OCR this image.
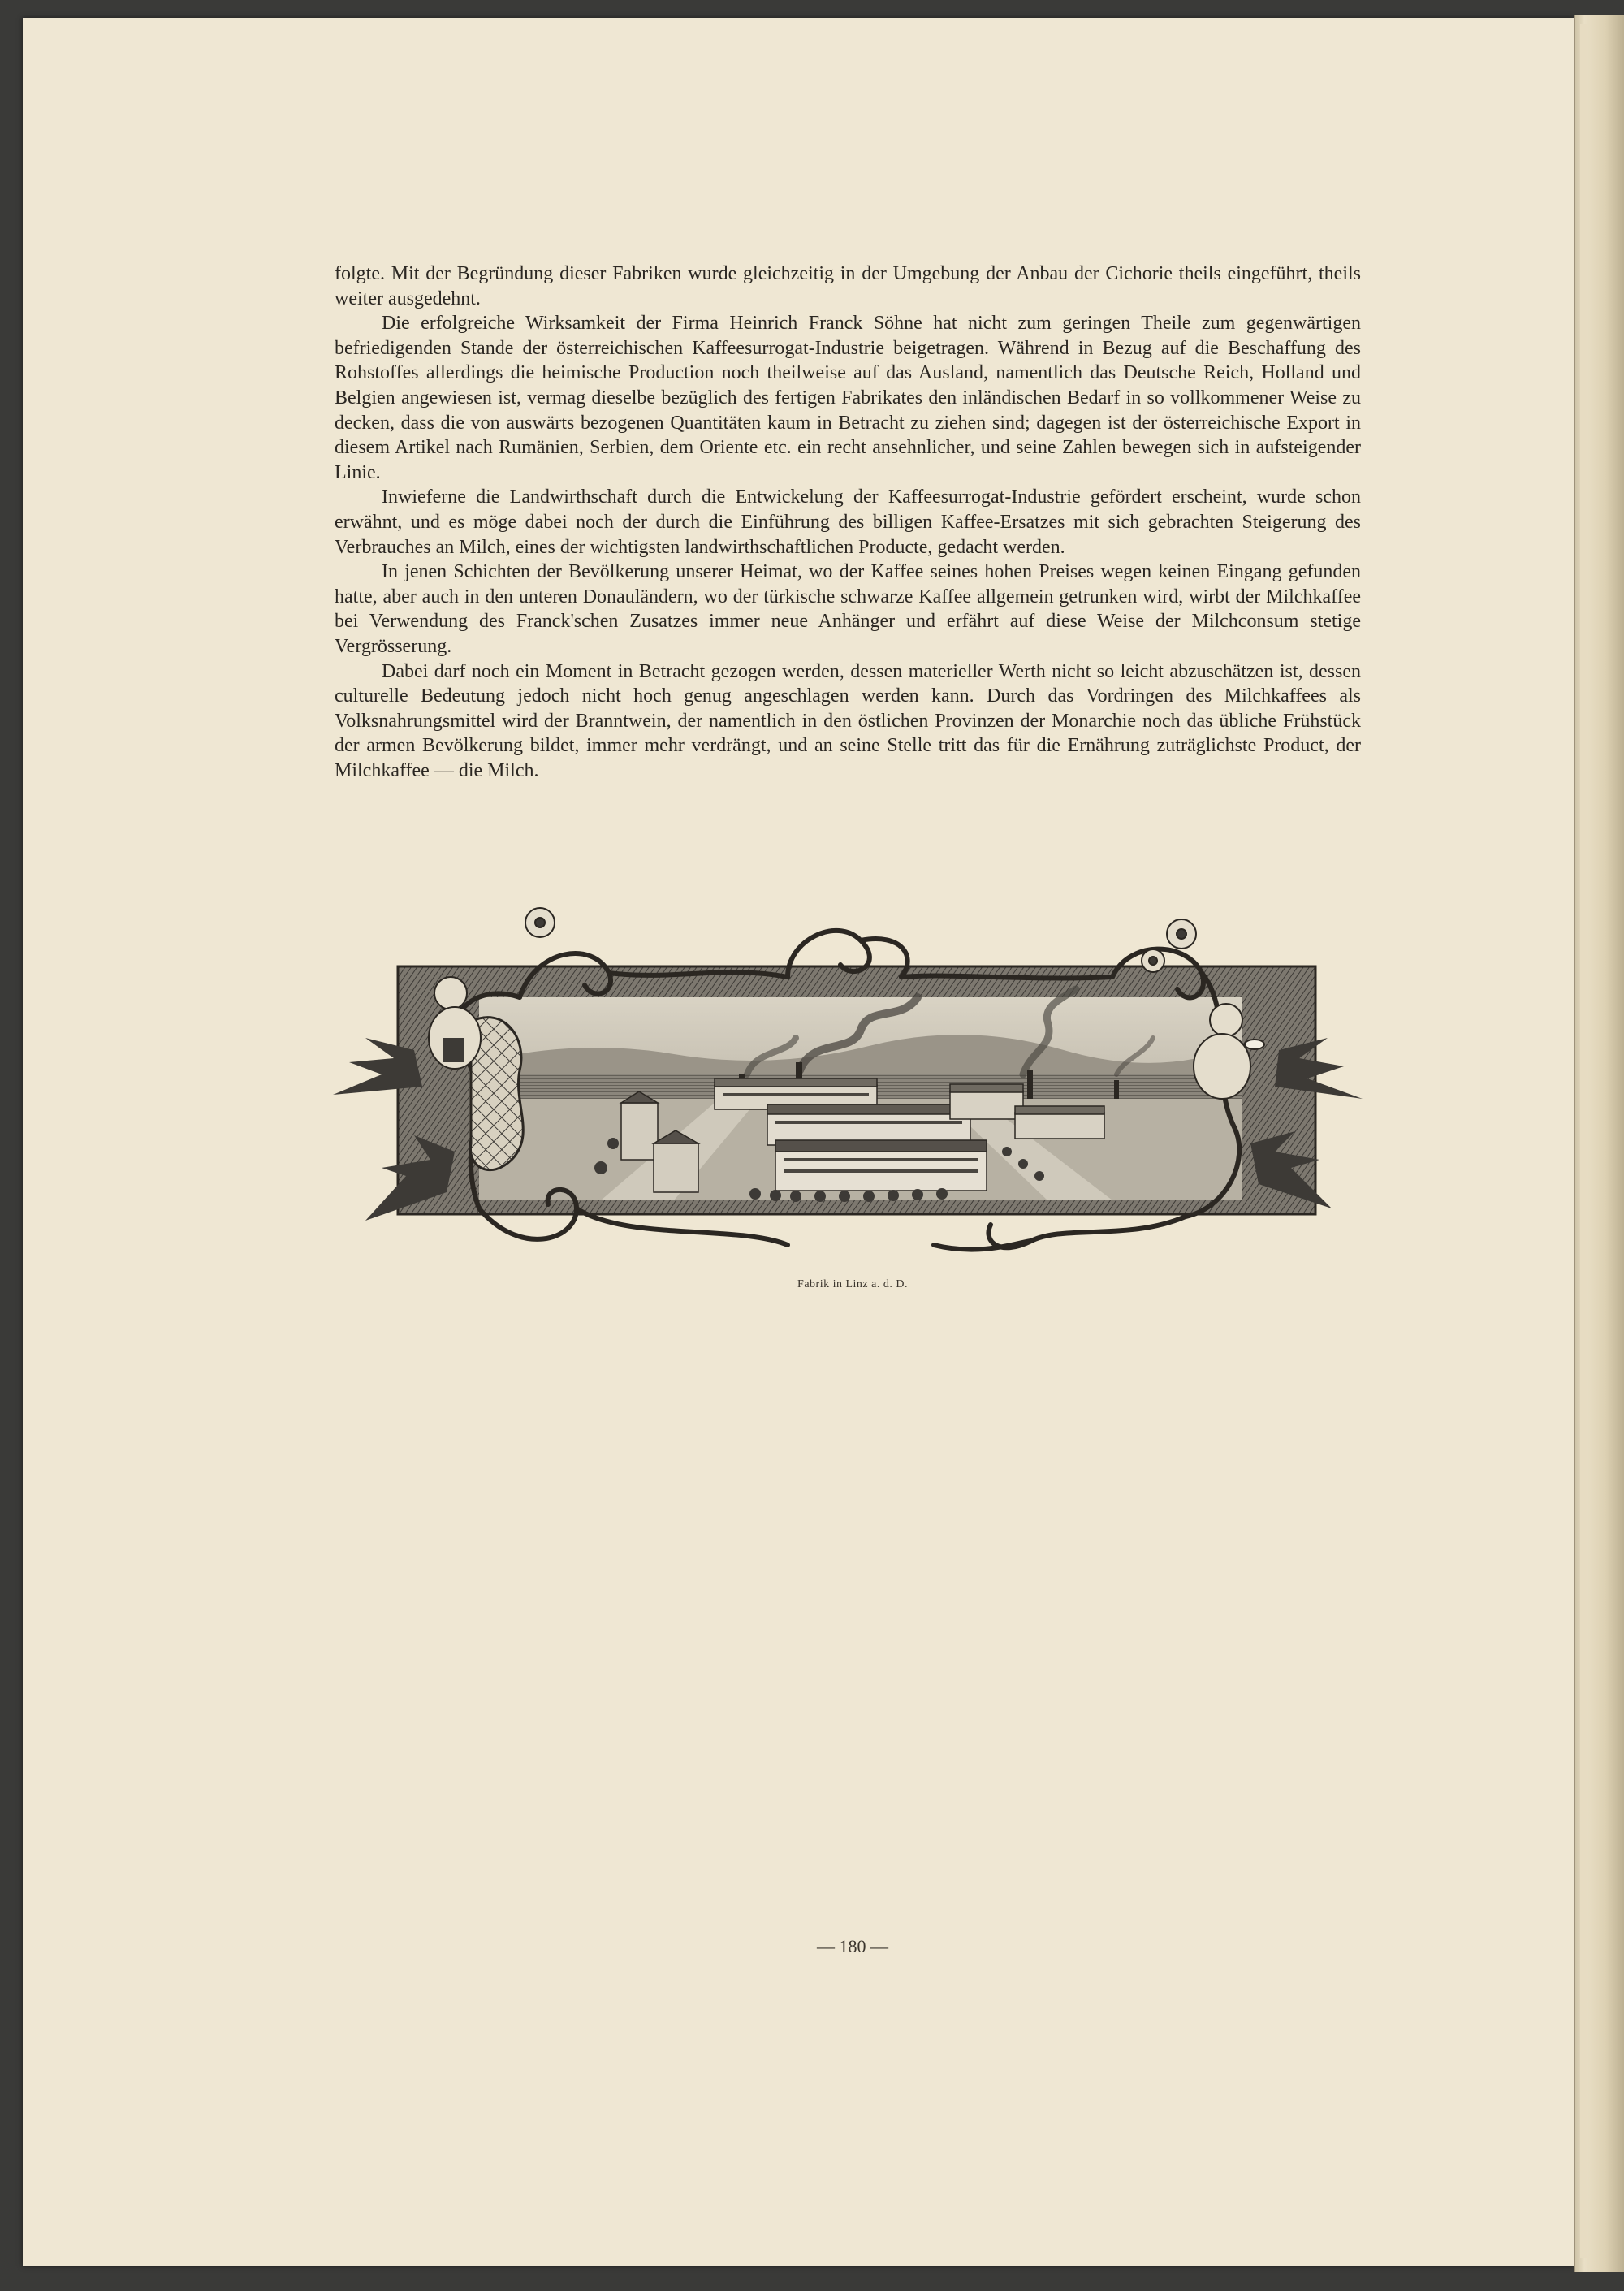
folgte. Mit der Begründung dieser Fabriken wurde gleichzeitig in der Umgebung der Anbau der Cichorie theils eingeführt, theils weiter ausgedehnt.

Die erfolgreiche Wirksamkeit der Firma Heinrich Franck Söhne hat nicht zum geringen Theile zum gegenwärtigen befriedigenden Stande der österreichischen Kaffeesurrogat-Industrie beigetragen. Während in Bezug auf die Beschaffung des Rohstoffes allerdings die heimische Production noch theilweise auf das Ausland, namentlich das Deutsche Reich, Holland und Belgien angewiesen ist, vermag dieselbe bezüglich des fertigen Fabrikates den inländischen Bedarf in so vollkommener Weise zu decken, dass die von auswärts bezogenen Quantitäten kaum in Betracht zu ziehen sind; dagegen ist der österreichische Export in diesem Artikel nach Rumänien, Serbien, dem Oriente etc. ein recht ansehnlicher, und seine Zahlen bewegen sich in aufsteigender Linie.

Inwieferne die Landwirthschaft durch die Entwickelung der Kaffeesurrogat-Industrie gefördert erscheint, wurde schon erwähnt, und es möge dabei noch der durch die Einführung des billigen Kaffee-Ersatzes mit sich gebrachten Steigerung des Verbrauches an Milch, eines der wichtigsten landwirthschaftlichen Producte, gedacht werden.

In jenen Schichten der Bevölkerung unserer Heimat, wo der Kaffee seines hohen Preises wegen keinen Eingang gefunden hatte, aber auch in den unteren Donauländern, wo der türkische schwarze Kaffee allgemein getrunken wird, wirbt der Milchkaffee bei Verwendung des Franck'schen Zusatzes immer neue Anhänger und erfährt auf diese Weise der Milchconsum stetige Vergrösserung.

Dabei darf noch ein Moment in Betracht gezogen werden, dessen materieller Werth nicht so leicht abzuschätzen ist, dessen culturelle Bedeutung jedoch nicht hoch genug angeschlagen werden kann. Durch das Vordringen des Milchkaffees als Volksnahrungsmittel wird der Branntwein, der namentlich in den östlichen Provinzen der Monarchie noch das übliche Frühstück der armen Bevölkerung bildet, immer mehr verdrängt, und an seine Stelle tritt das für die Ernährung zuträglichste Product, der Milchkaffee — die Milch.

Fabrik in Linz a. d. D.
— 180 —
